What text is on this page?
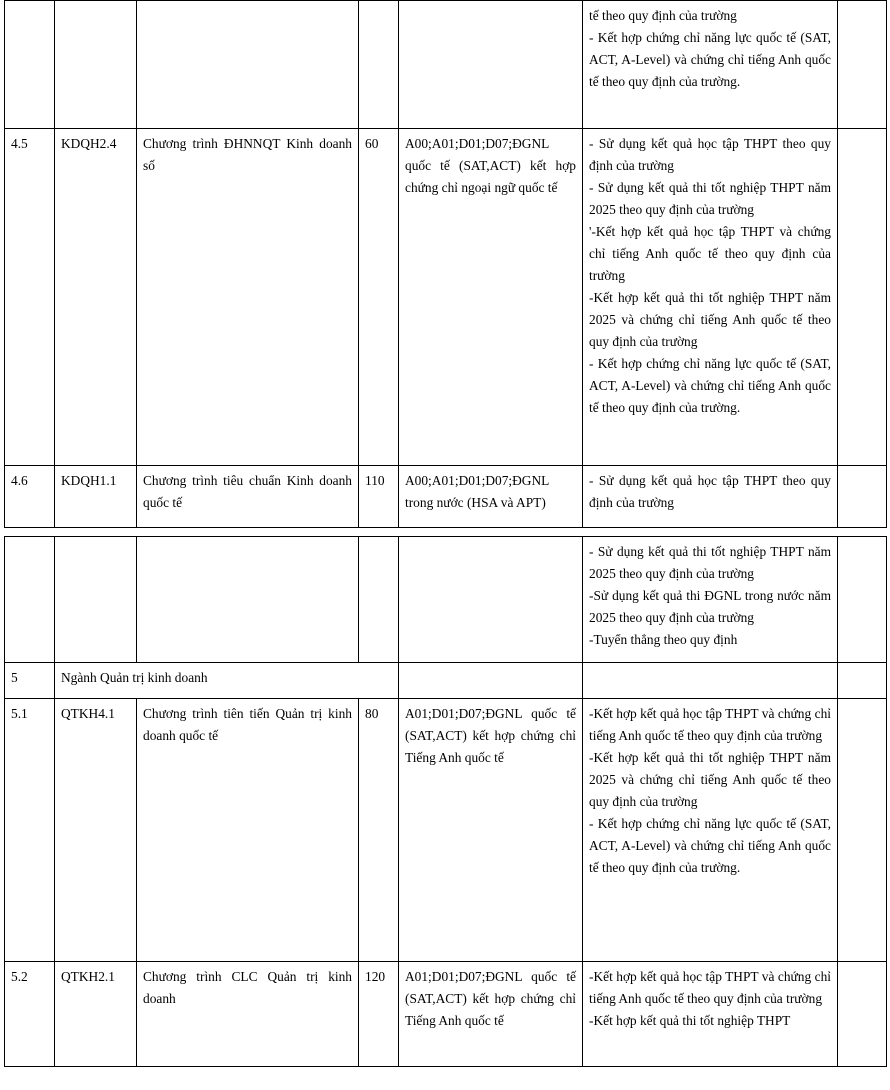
					tế theo quy định của trường
- Kết hợp chứng chỉ năng lực quốc tế (SAT, ACT, A-Level) và chứng chỉ tiếng Anh quốc tế theo quy định của trường.	
4.5	KDQH2.4	Chương trình ĐHNNQT Kinh doanh số	60	A00;A01;D01;D07;ĐGNL quốc tế (SAT,ACT) kết hợp chứng chỉ ngoại ngữ quốc tế	- Sử dụng kết quả học tập THPT theo quy định của trường
- Sử dụng kết quả thi tốt nghiệp THPT năm 2025 theo quy định của trường
'-Kết hợp kết quả học tập THPT và chứng chỉ tiếng Anh quốc tế theo quy định của trường
-Kết hợp kết quả thi tốt nghiệp THPT năm 2025 và chứng chỉ tiếng Anh quốc tế theo quy định của trường
- Kết hợp chứng chỉ năng lực quốc tế (SAT, ACT, A-Level) và chứng chỉ tiếng Anh quốc tế theo quy định của trường.	
4.6	KDQH1.1	Chương trình tiêu chuẩn Kinh doanh quốc tế	110	A00;A01;D01;D07;ĐGNL trong nước (HSA và APT)	- Sử dụng kết quả học tập THPT theo quy định của trường	
					- Sử dụng kết quả thi tốt nghiệp THPT năm 2025 theo quy định của trường
-Sử dụng kết quả thi ĐGNL trong nước năm 2025 theo quy định của trường
-Tuyển thẳng theo quy định	
5	Ngành Quản trị kinh doanh					
5.1	QTKH4.1	Chương trình tiên tiến Quản trị kinh doanh quốc tế	80	A01;D01;D07;ĐGNL quốc tế (SAT,ACT) kết hợp chứng chỉ Tiếng Anh quốc tế	-Kết hợp kết quả học tập THPT và chứng chỉ tiếng Anh quốc tế theo quy định của trường
-Kết hợp kết quả thi tốt nghiệp THPT năm 2025 và chứng chỉ tiếng Anh quốc tế theo quy định của trường
- Kết hợp chứng chỉ năng lực quốc tế (SAT, ACT, A-Level) và chứng chỉ tiếng Anh quốc tế theo quy định của trường.	
5.2	QTKH2.1	Chương trình CLC Quản trị kinh doanh	120	A01;D01;D07;ĐGNL quốc tế (SAT,ACT) kết hợp chứng chỉ Tiếng Anh quốc tế	-Kết hợp kết quả học tập THPT và chứng chỉ tiếng Anh quốc tế theo quy định của trường
-Kết hợp kết quả thi tốt nghiệp THPT	
